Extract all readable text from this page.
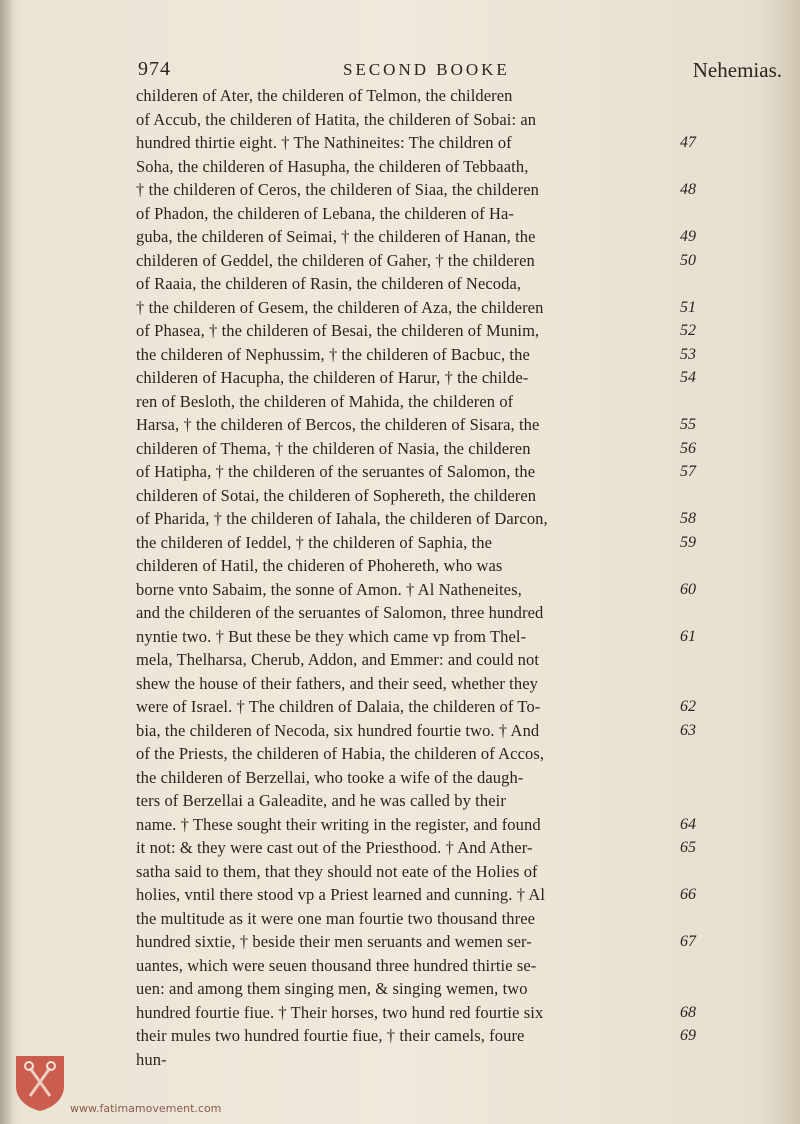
974	SECOND BOOKE	Nehemias.
childeren of Ater, the childeren of Telmon, the childeren
of Accub, the childeren of Hatita, the childeren of Sobai: an
hundred thirtie eight. † The Nathineites: The children of
Soha, the childeren of Hasupha, the childeren of Tebbaath,
† the childeren of Ceros, the childeren of Siaa, the childeren
of Phadon, the childeren of Lebana, the childeren of Ha-
guba, the childeren of Seimai, † the childeren of Hanan, the
childeren of Geddel, the childeren of Gaher, † the childeren
of Raaia, the childeren of Rasin, the childeren of Necoda,
† the childeren of Gesem, the childeren of Aza, the childeren
of Phasea, † the childeren of Besai, the childeren of Munim,
the childeren of Nephussim, † the childeren of Bacbuc, the
childeren of Hacupha, the childeren of Harur, † the childe-
ren of Besloth, the childeren of Mahida, the childeren of
Harsa, † the childeren of Bercos, the childeren of Sisara, the
childeren of Thema, † the childeren of Nasia, the childeren
of Hatipha, † the childeren of the seruantes of Salomon, the
childeren of Sotai, the childeren of Sophereth, the childeren
of Pharida, † the childeren of Iahala, the childeren of Darcon,
the childeren of Ieddel, † the childeren of Saphia, the
childeren of Hatil, the chideren of Phohereth, who was
borne vnto Sabaim, the sonne of Amon. † Al Natheneites,
and the childeren of the seruantes of Salomon, three hundred
nyntie two. † But these be they which came vp from Thel-
mela, Thelharsa, Cherub, Addon, and Emmer: and could not
shew the house of their fathers, and their seed, whether they
were of Israel. † The children of Dalaia, the childeren of To-
bia, the childeren of Necoda, six hundred fourtie two. † And
of the Priests, the childeren of Habia, the childeren of Accos,
the childeren of Berzellai, who tooke a wife of the daugh-
ters of Berzellai a Galeadite, and he was called by their
name. † These sought their writing in the register, and found
it not: & they were cast out of the Priesthood. † And Ather-
satha said to them, that they should not eate of the Holies of
holies, vntil there stood vp a Priest learned and cunning. † Al
the multitude as it were one man fourtie two thousand three
hundred sixtie, † beside their men seruants and wemen ser-
uantes, which were seuen thousand three hundred thirtie se-
uen: and among them singing men, & singing wemen, two
hundred fourtie fiue. † Their horses, two hund red fourtie six
their mules two hundred fourtie fiue, † their camels, foure
hun-
47
48
49
50
51
52
53
54
55
56
57
58
59
60
61
62
63
64
65
66
67
68
69
www.fatimamovement.com
